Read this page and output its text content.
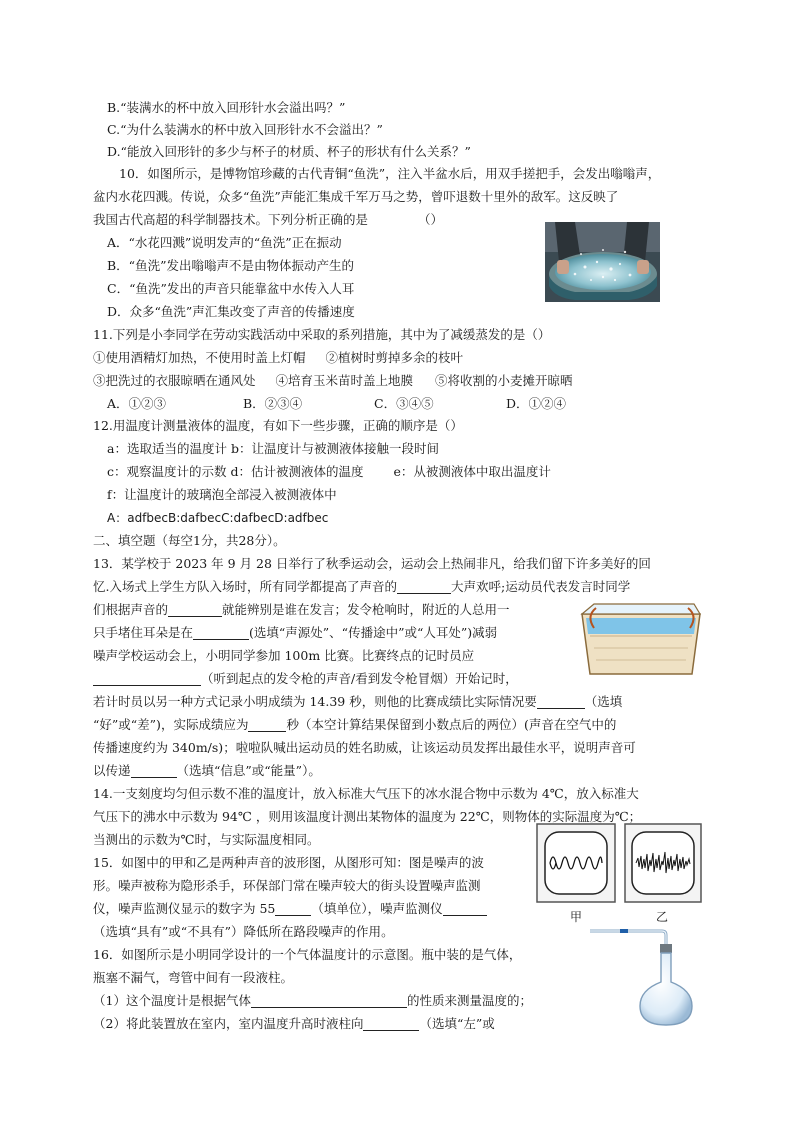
B.“装满水的杯中放入回形针水会溢出吗？”
C.“为什么装满水的杯中放入回形针水不会溢出？”
D.“能放入回形针的多少与杯子的材质、杯子的形状有什么关系？”
10．如图所示，是博物馆珍藏的古代青铜“鱼洗”，注入半盆水后，用双手搓把手，会发出嗡嗡声，
盆内水花四溅。传说，众多“鱼洗”声能汇集成千军万马之势，曾吓退数十里外的敌军。这反映了
我国古代高超的科学制器技术。下列分析正确的是	（）
A．“水花四溅”说明发声的“鱼洗”正在振动
B．“鱼洗”发出嗡嗡声不是由物体振动产生的
C．“鱼洗”发出的声音只能靠盆中水传入人耳
D．众多“鱼洗”声汇集改变了声音的传播速度
11.下列是小李同学在劳动实践活动中采取的系列措施，其中为了减缓蒸发的是（）
①使用酒精灯加热，不使用时盖上灯帽 ②植树时剪掉多余的枝叶
③把洗过的衣服晾晒在通风处 ④培育玉米苗时盖上地膜 ⑤将收割的小麦摊开晾晒
A．①②③	B．②③④	C．③④⑤	D．①②④
12.用温度计测量液体的温度，有如下一些步骤，正确的顺序是（）
a：选取适当的温度计 b：让温度计与被测液体接触一段时间
c：观察温度计的示数 d：估计被测液体的温度 e：从被测液体中取出温度计
f：让温度计的玻璃泡全部浸入被测液体中
A：adfbecB:dafbecC:dafbecD:adfbec
二、填空题（每空1分，共28分）。
13．某学校于 2023 年 9 月 28 日举行了秋季运动会，运动会上热闹非凡，给我们留下许多美好的回
忆.入场式上学生方队入场时，所有同学都提高了声音的	大声欢呼;运动员代表发言时同学
们根据声音的	就能辨别是谁在发言；发令枪响时，附近的人总用一
只手堵住耳朵是在	(选填“声源处”、“传播途中”或“人耳处”)减弱
噪声学校运动会上，小明同学参加 100m 比赛。比赛终点的记时员应
（听到起点的发令枪的声音/看到发令枪冒烟）开始记时，
若计时员以另一种方式记录小明成绩为 14.39 秒，则他的比赛成绩比实际情况要	（选填
“好”或“差”)，实际成绩应为	秒（本空计算结果保留到小数点后的两位）(声音在空气中的
传播速度约为 340m/s)；啦啦队喊出运动员的姓名助威，让该运动员发挥出最佳水平，说明声音可
以传递	（选填“信息”或“能量”）。
14.一支刻度均匀但示数不准的温度计，放入标准大气压下的冰水混合物中示数为 4℃，放入标准大
气压下的沸水中示数为 94℃ ，则用该温度计测出某物体的温度为 22℃，则物体的实际温度为℃；
当测出的示数为℃时，与实际温度相同。
15．如图中的甲和乙是两种声音的波形图，从图形可知：图是噪声的波
形。噪声被称为隐形杀手，环保部门常在噪声较大的街头设置噪声监测
仪，噪声监测仪显示的数字为 55	（填单位），噪声监测仪
（选填“具有”或“不具有”）降低所在路段噪声的作用。
甲	乙
16．如图所示是小明同学设计的一个气体温度计的示意图。瓶中装的是气体，
瓶塞不漏气，弯管中间有一段液柱。
（1）这个温度计是根据气体	的性质来测量温度的；
（2）将此装置放在室内，室内温度升高时液柱向	（选填“左”或
